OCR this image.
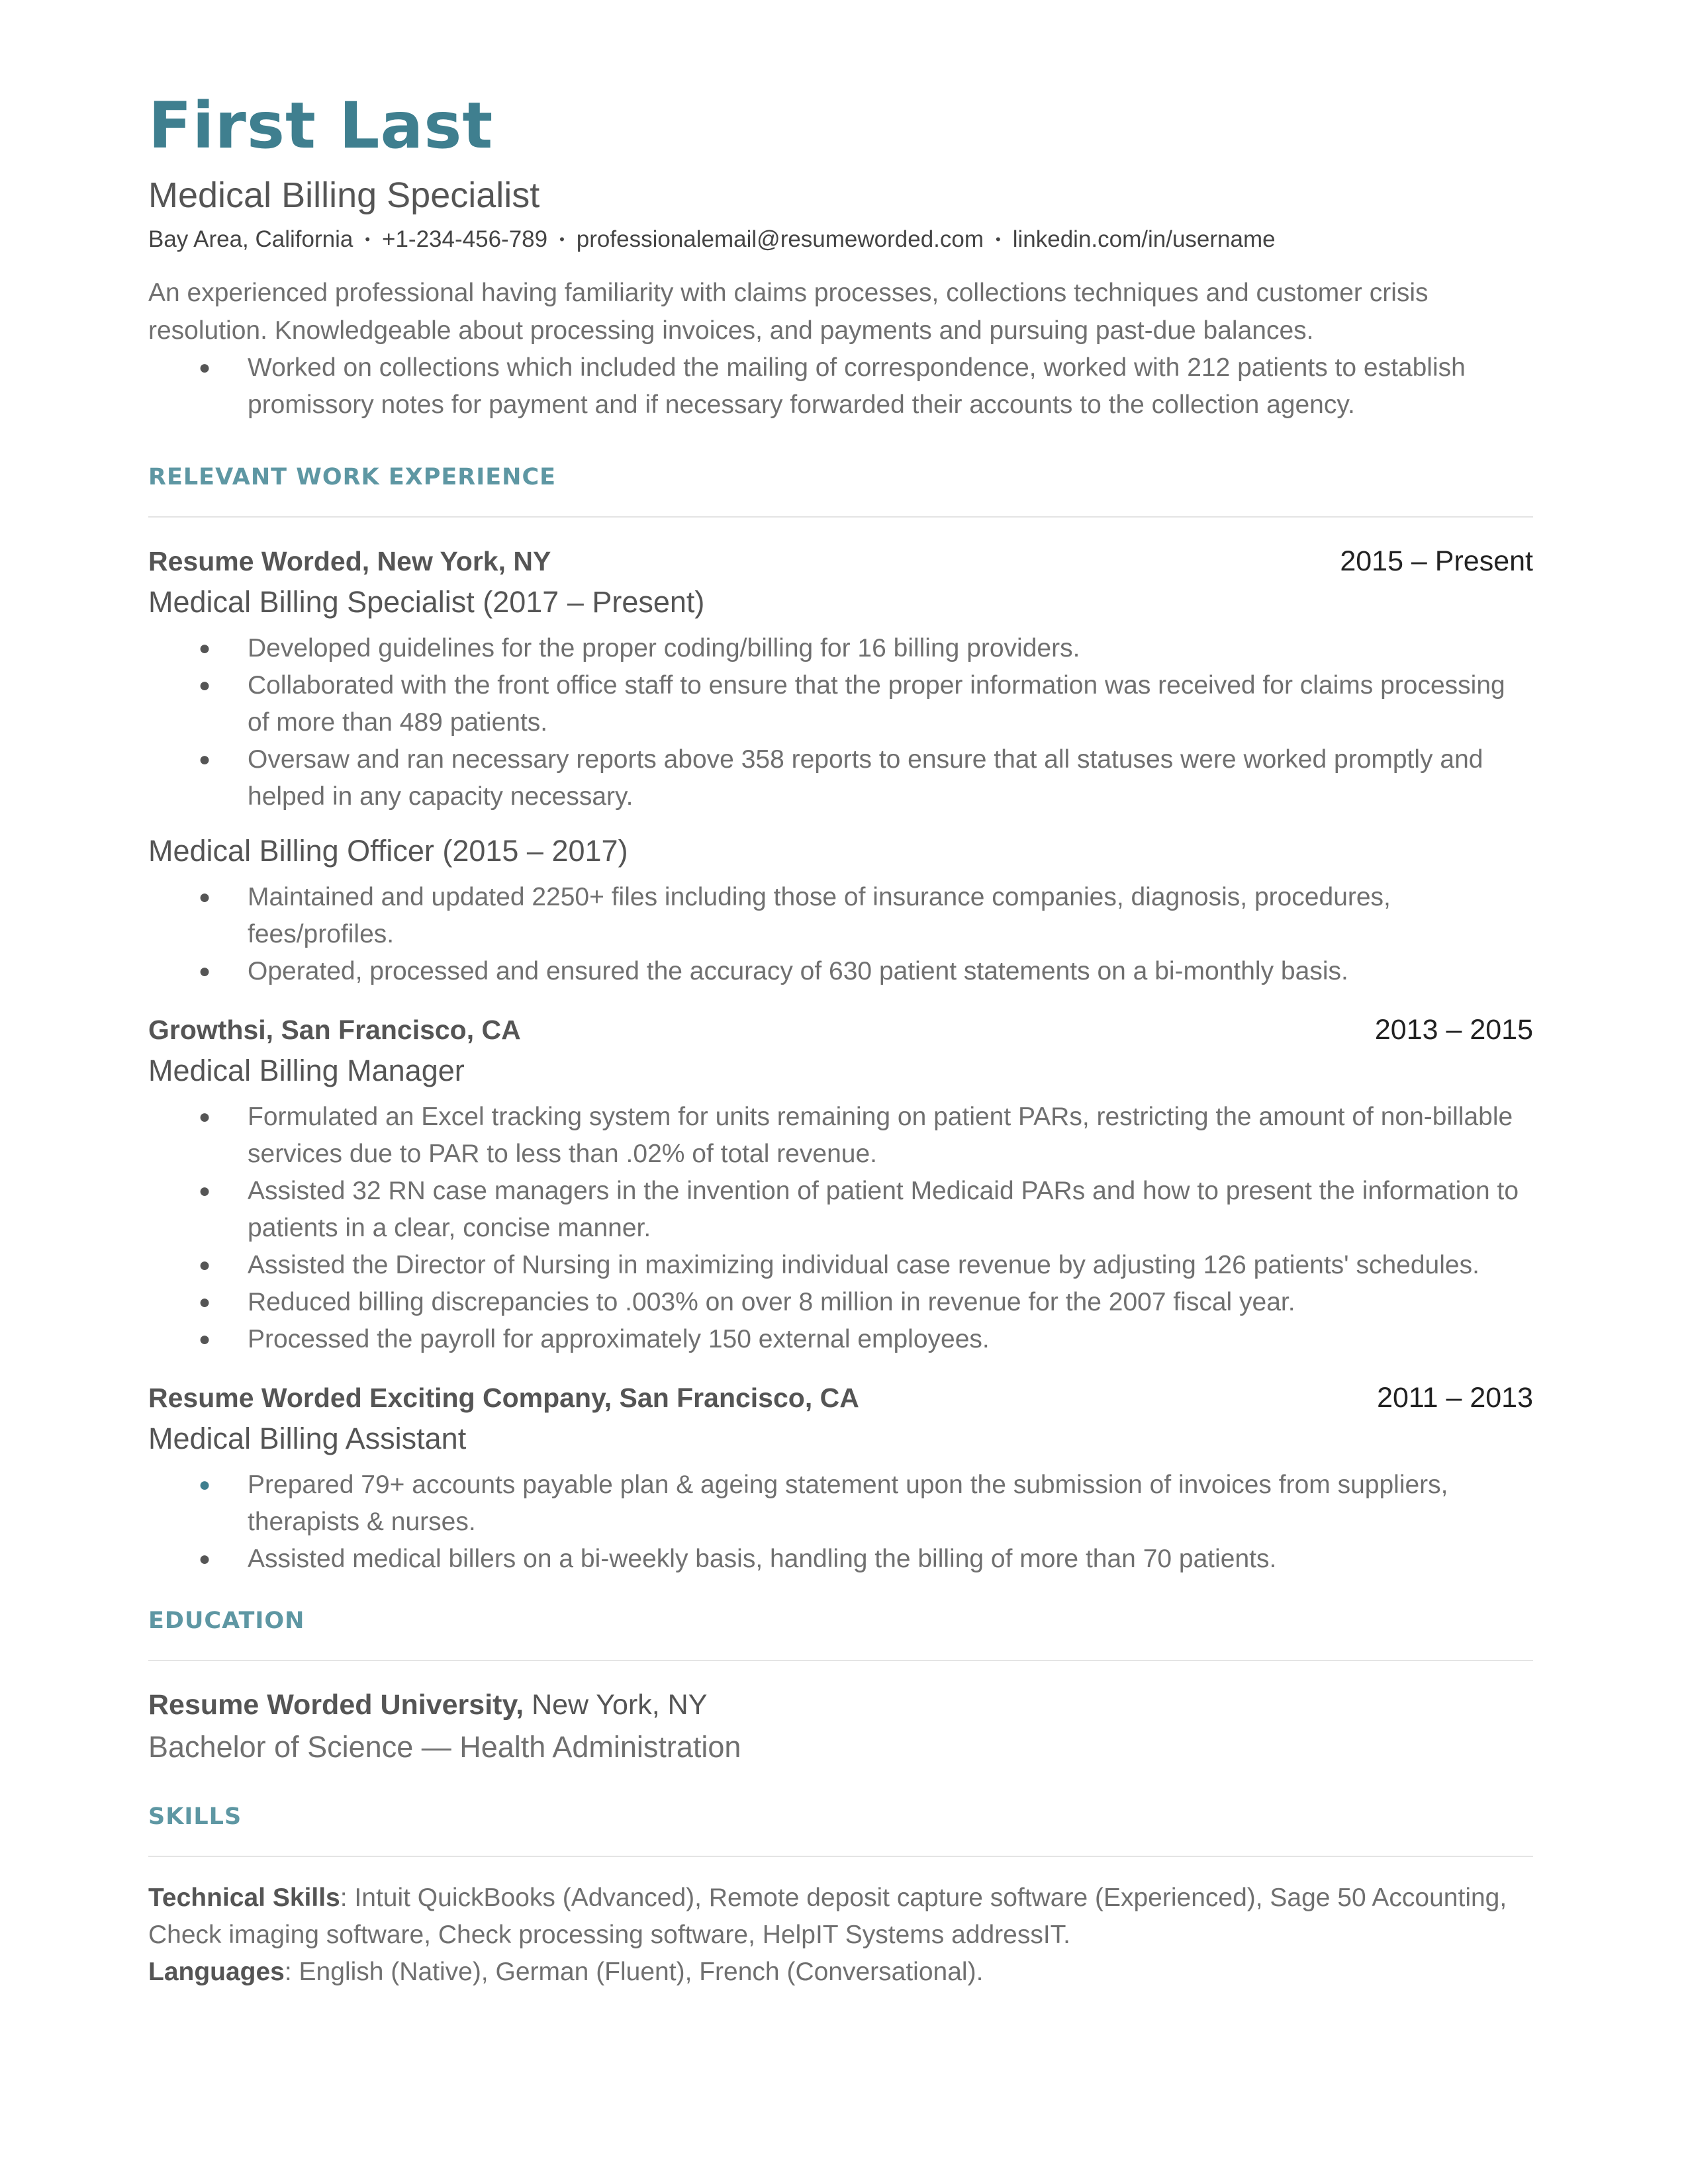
First Last
Medical Billing Specialist
Bay Area, California • +1-234-456-789 • professionalemail@resumeworded.com • linkedin.com/in/username
An experienced professional having familiarity with claims processes, collections techniques and customer crisis resolution. Knowledgeable about processing invoices, and payments and pursuing past-due balances.
● Worked on collections which included the mailing of correspondence, worked with 212 patients to establish promissory notes for payment and if necessary forwarded their accounts to the collection agency.
RELEVANT WORK EXPERIENCE
Resume Worded, New York, NY	2015 – Present
Medical Billing Specialist (2017 – Present)
● Developed guidelines for the proper coding/billing for 16 billing providers.
● Collaborated with the front office staff to ensure that the proper information was received for claims processing of more than 489 patients.
● Oversaw and ran necessary reports above 358 reports to ensure that all statuses were worked promptly and helped in any capacity necessary.
Medical Billing Officer (2015 – 2017)
● Maintained and updated 2250+ files including those of insurance companies, diagnosis, procedures, fees/profiles.
● Operated, processed and ensured the accuracy of 630 patient statements on a bi-monthly basis.
Growthsi, San Francisco, CA	2013 – 2015
Medical Billing Manager
● Formulated an Excel tracking system for units remaining on patient PARs, restricting the amount of non-billable services due to PAR to less than .02% of total revenue.
● Assisted 32 RN case managers in the invention of patient Medicaid PARs and how to present the information to patients in a clear, concise manner.
● Assisted the Director of Nursing in maximizing individual case revenue by adjusting 126 patients' schedules.
● Reduced billing discrepancies to .003% on over 8 million in revenue for the 2007 fiscal year.
● Processed the payroll for approximately 150 external employees.
Resume Worded Exciting Company, San Francisco, CA	2011 – 2013
Medical Billing Assistant
● Prepared 79+ accounts payable plan & ageing statement upon the submission of invoices from suppliers, therapists & nurses.
● Assisted medical billers on a bi-weekly basis, handling the billing of more than 70 patients.
EDUCATION
Resume Worded University, New York, NY
Bachelor of Science — Health Administration
SKILLS
Technical Skills: Intuit QuickBooks (Advanced), Remote deposit capture software (Experienced), Sage 50 Accounting, Check imaging software, Check processing software, HelpIT Systems addressIT.
Languages: English (Native), German (Fluent), French (Conversational).
